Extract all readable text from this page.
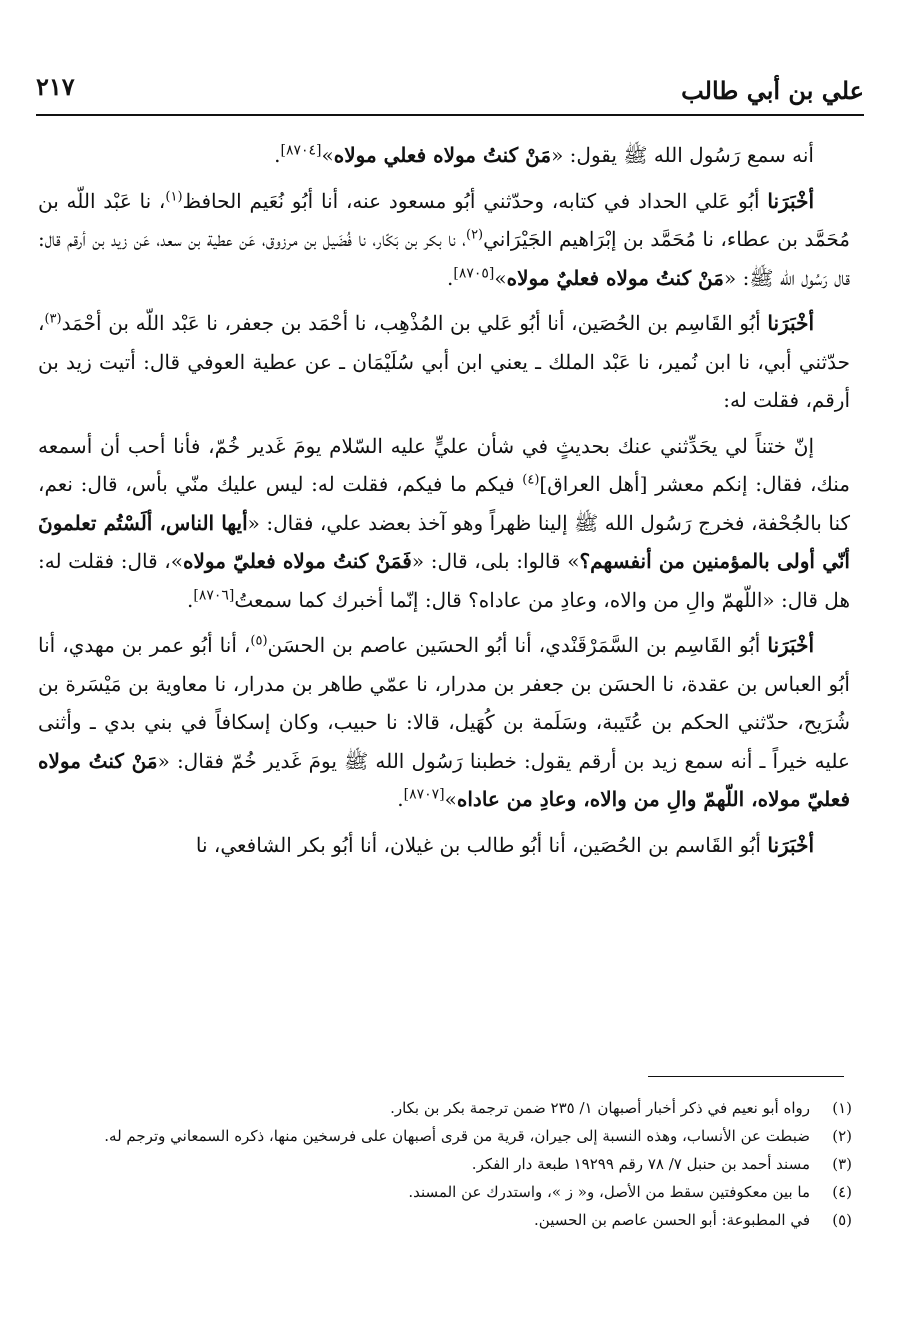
٢١٧	علي بن أبي طالب

أنه سمع رَسُول الله ﷺ يقول: «مَنْ كنتُ مولاه فعلي مولاه»[٨٧٠٤].

أخْبَرَنا أبُو عَلي الحداد في كتابه، وحدّثني أبُو مسعود عنه، أنا أبُو نُعَيم الحافظ$^{(١)}$، نا عَبْد اللّه بن مُحَمَّد بن عطاء، نا مُحَمَّد بن إبْرَاهيم الجَيْرَاني$^{(٢)}$، نا بكر بن بَكّار، نا فُضَيل بن مرزوق، عَن عطية بن سعد، عَن زيد بن أرقم قال: قال رَسُول الله ﷺ: «مَنْ كنتُ مولاه فعليٌ مولاه»[٨٧٠٥].

أخْبَرَنا أبُو القَاسِم بن الحُصَين، أنا أبُو عَلي بن المُذْهِب، نا أحْمَد بن جعفر، نا عَبْد اللّه بن أحْمَد$^{(٣)}$، حدّثني أبي، نا ابن نُمير، نا عَبْد الملك ـ يعني ابن أبي سُلَيْمَان ـ عن عطية العوفي قال: أتيت زيد بن أرقم، فقلت له:

إنّ ختناً لي يحَدِّثني عنك بحديثٍ في شأن عليٍّ عليه السّلام يومَ غَدير خُمّ، فأنا أحب أن أسمعه منك، فقال: إنكم معشر [أهل العراق]$^{(٤)}$ فيكم ما فيكم، فقلت له: ليس عليك منّي بأس، قال: نعم، كنا بالجُحْفة، فخرج رَسُول الله ﷺ إلينا ظهراً وهو آخذ بعضد علي، فقال: «أيها الناس، ألَسْتُم تعلمونَ أنّي أولى بالمؤمنين من أنفسهم؟» قالوا: بلى، قال: «فَمَنْ كنتُ مولاه فعليّ مولاه»، قال: فقلت له: هل قال: «اللّهمّ والِ من والاه، وعادِ من عاداه؟ قال: إنّما أخبرك كما سمعتُ[٨٧٠٦].

أخْبَرَنا أبُو القَاسِم بن السَّمَرْقَنْدي، أنا أبُو الحسَين عاصم بن الحسَن$^{(٥)}$، أنا أبُو عمر بن مهدي، أنا أبُو العباس بن عقدة، نا الحسَن بن جعفر بن مدرار، نا عمّي طاهر بن مدرار، نا معاوية بن مَيْسَرة بن شُرَيح، حدّثني الحكم بن عُتَيبة، وسَلَمة بن كُهَيل، قالا: نا حبيب، وكان إسكافاً في بني بدي ـ وأثنى عليه خيراً ـ أنه سمع زيد بن أرقم يقول: خطبنا رَسُول الله ﷺ يومَ غَدير خُمّ فقال: «مَنْ كنتُ مولاه فعليّ مولاه، اللّهمّ والِ من والاه، وعادِ من عاداه»[٨٧٠٧].

أخْبَرَنا أبُو القَاسم بن الحُصَين، أنا أبُو طالب بن غيلان، أنا أبُو بكر الشافعي، نا

(١)
رواه أبو نعيم في ذكر أخبار أصبهان ١/ ٢٣٥ ضمن ترجمة بكر بن بكار.
(٢)
ضبطت عن الأنساب، وهذه النسبة إلى جيران، قرية من قرى أصبهان على فرسخين منها، ذكره السمعاني وترجم له.
(٣)
مسند أحمد بن حنبل ٧/ ٧٨ رقم ١٩٢٩٩ طبعة دار الفكر.
(٤)
ما بين معكوفتين سقط من الأصل، و« ز »، واستدرك عن المسند.
(٥)
في المطبوعة: أبو الحسن عاصم بن الحسين.
